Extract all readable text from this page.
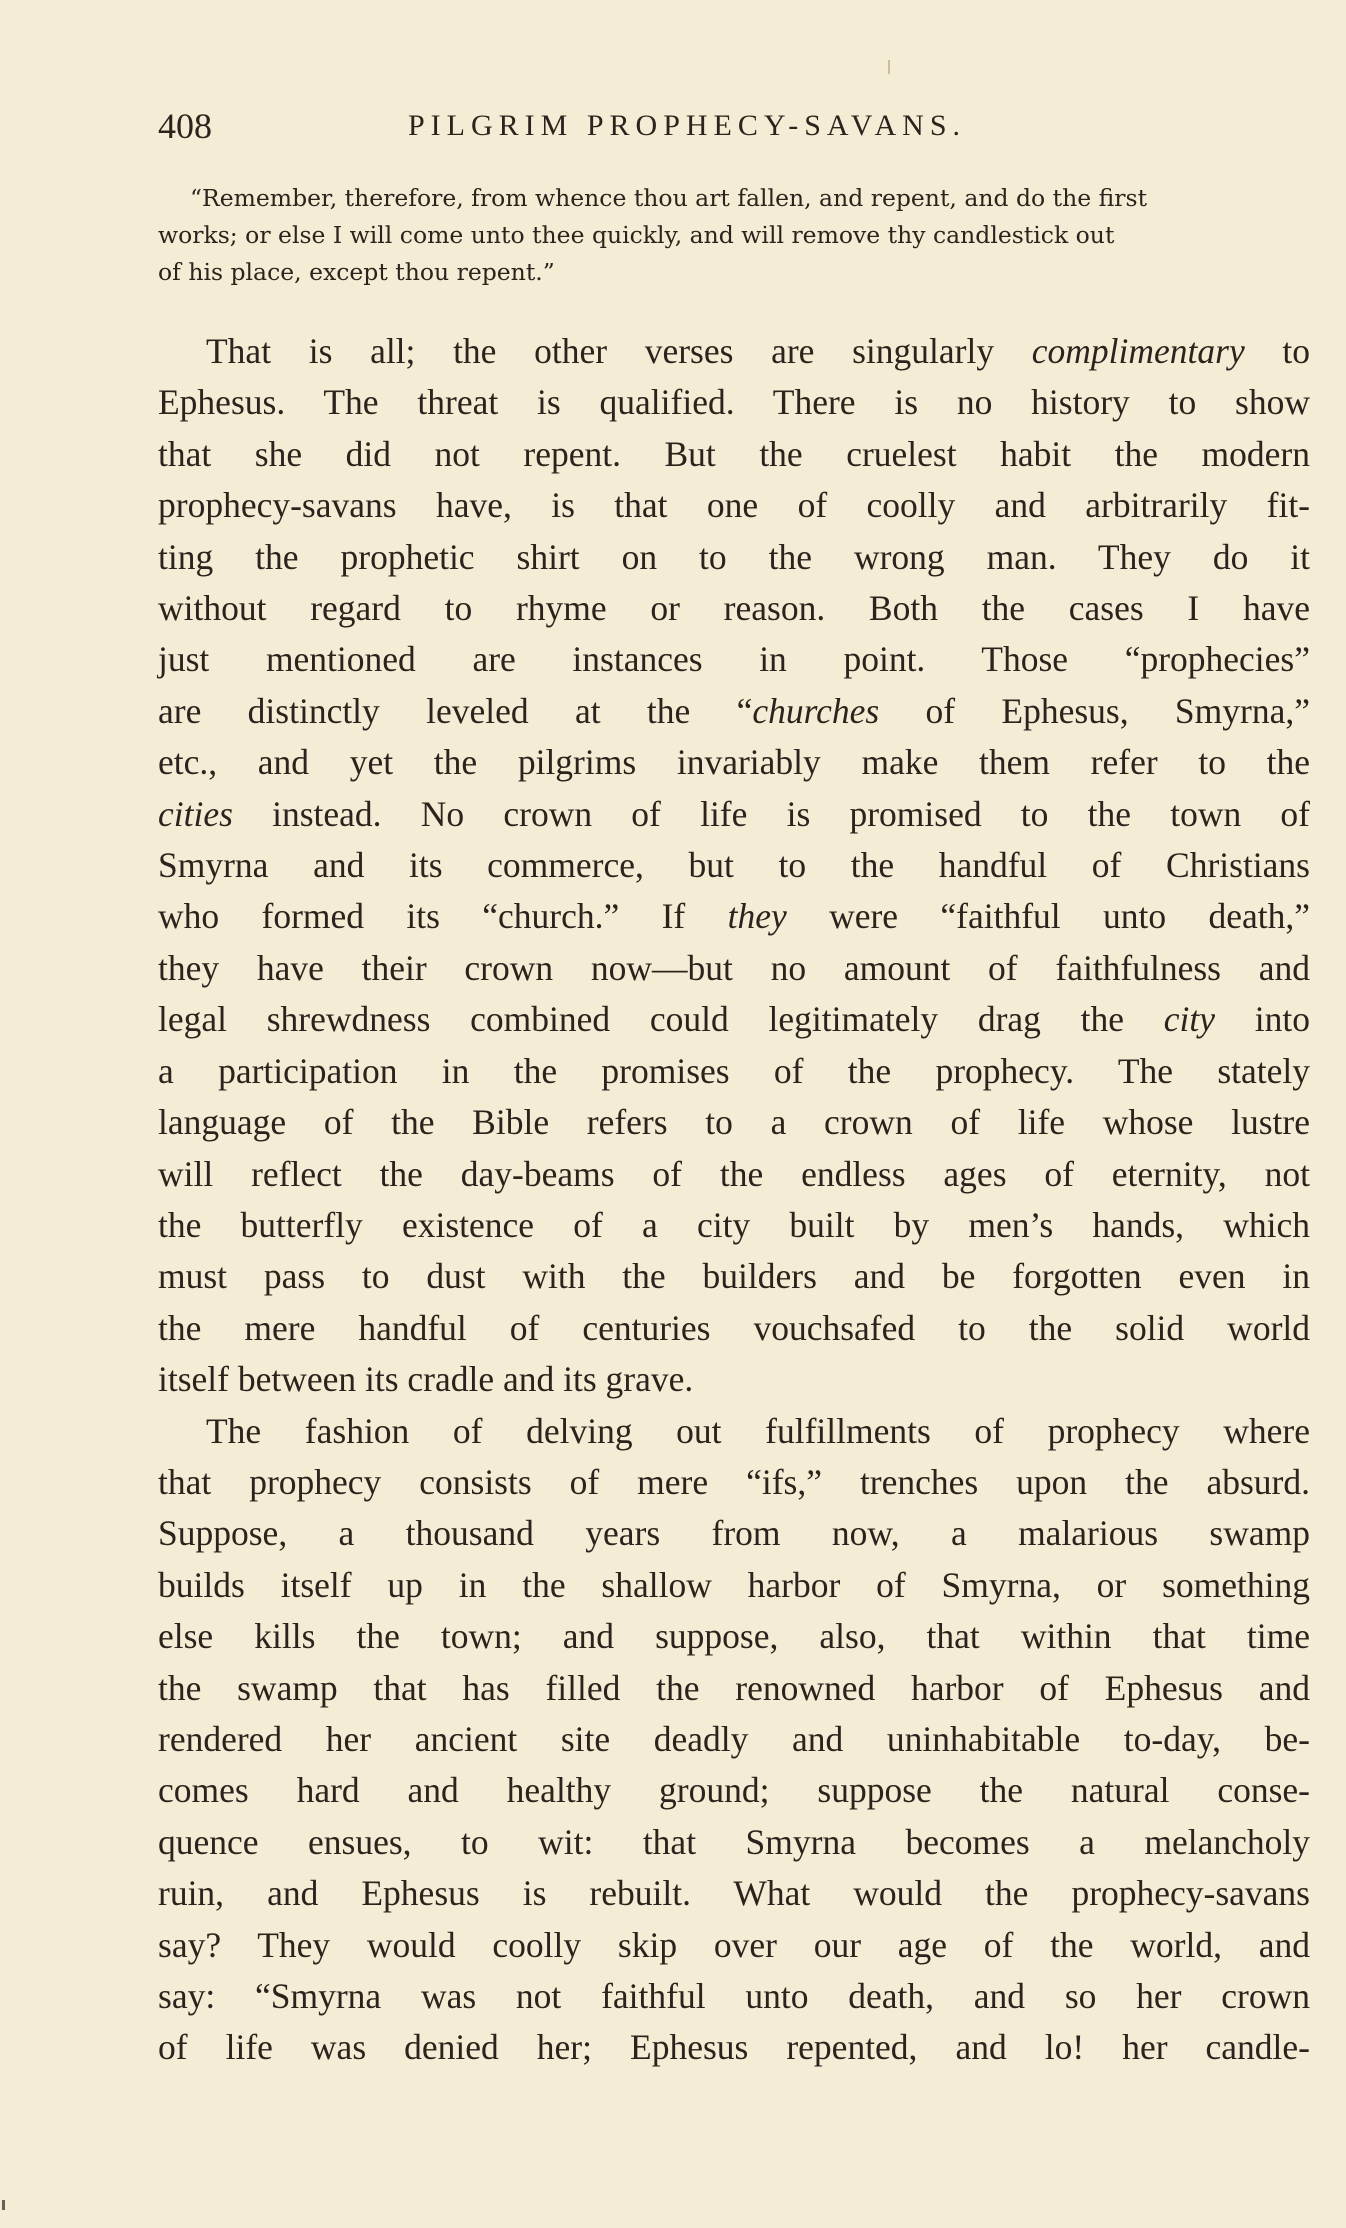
408	PILGRIM PROPHECY-SAVANS.
“Remember, therefore, from whence thou art fallen, and repent, and do the first
works; or else I will come unto thee quickly, and will remove thy candlestick out
of his place, except thou repent.”
That is all; the other verses are singularly complimentary to
Ephesus. The threat is qualified. There is no history to show
that she did not repent. But the cruelest habit the modern
prophecy-savans have, is that one of coolly and arbitrarily fit-
ting the prophetic shirt on to the wrong man. They do it
without regard to rhyme or reason. Both the cases I have
just mentioned are instances in point. Those “prophecies”
are distinctly leveled at the “churches of Ephesus, Smyrna,”
etc., and yet the pilgrims invariably make them refer to the
cities instead. No crown of life is promised to the town of
Smyrna and its commerce, but to the handful of Christians
who formed its “church.” If they were “faithful unto death,”
they have their crown now—but no amount of faithfulness and
legal shrewdness combined could legitimately drag the city into
a participation in the promises of the prophecy. The stately
language of the Bible refers to a crown of life whose lustre
will reflect the day-beams of the endless ages of eternity, not
the butterfly existence of a city built by men’s hands, which
must pass to dust with the builders and be forgotten even in
the mere handful of centuries vouchsafed to the solid world
itself between its cradle and its grave.
The fashion of delving out fulfillments of prophecy where
that prophecy consists of mere “ifs,” trenches upon the absurd.
Suppose, a thousand years from now, a malarious swamp
builds itself up in the shallow harbor of Smyrna, or something
else kills the town; and suppose, also, that within that time
the swamp that has filled the renowned harbor of Ephesus and
rendered her ancient site deadly and uninhabitable to-day, be-
comes hard and healthy ground; suppose the natural conse-
quence ensues, to wit: that Smyrna becomes a melancholy
ruin, and Ephesus is rebuilt. What would the prophecy-savans
say? They would coolly skip over our age of the world, and
say: “Smyrna was not faithful unto death, and so her crown
of life was denied her; Ephesus repented, and lo! her candle-
